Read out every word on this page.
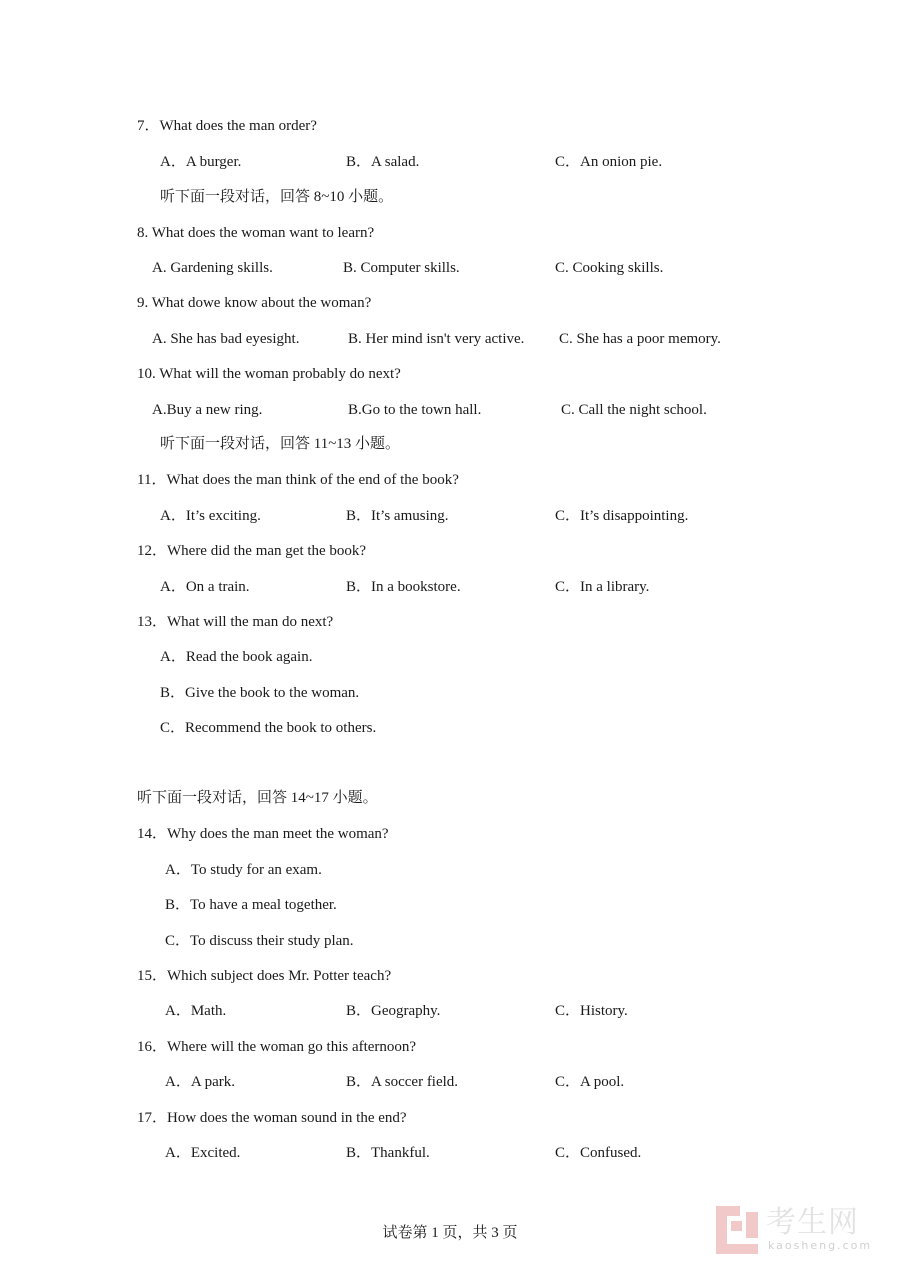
7．What does the man order?
A．A burger.	B．A salad.	C．An onion pie.
听下面一段对话，回答 8~10 小题。
8. What does the woman want to learn?
A. Gardening skills.	B. Computer skills.	C. Cooking skills.
9. What dowe know about the woman?
A. She has bad eyesight.	B. Her mind isn't very active. C. She has a poor memory.
10. What will the woman probably do next?
A.Buy a new ring.	B.Go to the town hall.	C. Call the night school.
听下面一段对话，回答 11~13 小题。
11．What does the man think of the end of the book?
A．It’s exciting.	B．It’s amusing.	C．It’s disappointing.
12．Where did the man get the book?
A．On a train.	B．In a bookstore.	C．In a library.
13．What will the man do next?
A．Read the book again.
B．Give the book to the woman.
C．Recommend the book to others.
听下面一段对话，回答 14~17 小题。
14．Why does the man meet the woman?
A．To study for an exam.
B．To have a meal together.
C．To discuss their study plan.
15．Which subject does Mr. Potter teach?
A．Math.	B．Geography.	C．History.
16．Where will the woman go this afternoon?
A．A park.	B．A soccer field.	C．A pool.
17．How does the woman sound in the end?
A．Excited.	B．Thankful.	C．Confused.
试卷第 1 页，共 3 页	考生网
kaosheng.com
